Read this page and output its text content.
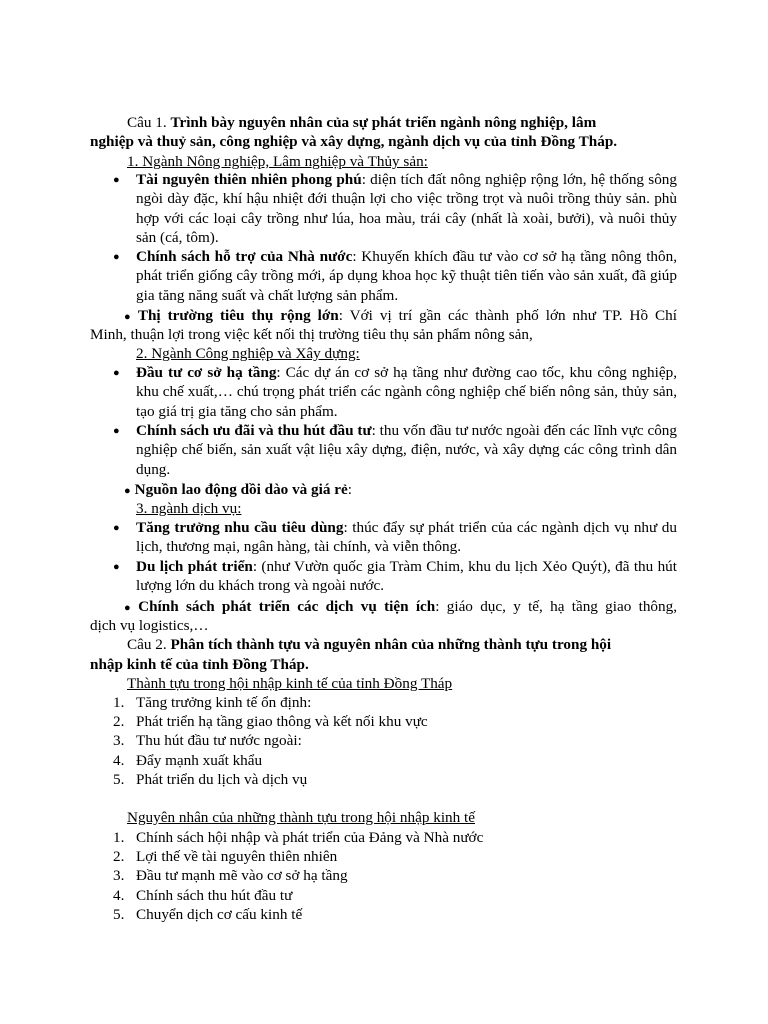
Câu 1. Trình bày nguyên nhân của sự phát triển ngành nông nghiệp, lâm
nghiệp và thuỷ sản, công nghiệp và xây dựng, ngành dịch vụ của tỉnh Đồng Tháp.
1. Ngành Nông nghiệp, Lâm nghiệp và Thủy sản:
● Tài nguyên thiên nhiên phong phú: diện tích đất nông nghiệp rộng lớn, hệ thống sông ngòi dày đặc, khí hậu nhiệt đới thuận lợi cho việc trồng trọt và nuôi trồng thủy sản. phù hợp với các loại cây trồng như lúa, hoa màu, trái cây (nhất là xoài, bưởi), và nuôi thủy sản (cá, tôm).
● Chính sách hỗ trợ của Nhà nước: Khuyến khích đầu tư vào cơ sở hạ tầng nông thôn, phát triển giống cây trồng mới, áp dụng khoa học kỹ thuật tiên tiến vào sản xuất, đã giúp gia tăng năng suất và chất lượng sản phẩm.
● Thị trường tiêu thụ rộng lớn: Với vị trí gần các thành phố lớn như TP. Hồ Chí
Minh, thuận lợi trong việc kết nối thị trường tiêu thụ sản phẩm nông sản,
2. Ngành Công nghiệp và Xây dựng:
● Đầu tư cơ sở hạ tầng: Các dự án cơ sở hạ tầng như đường cao tốc, khu công nghiệp, khu chế xuất,… chú trọng phát triển các ngành công nghiệp chế biến nông sản, thủy sản, tạo giá trị gia tăng cho sản phẩm.
● Chính sách ưu đãi và thu hút đầu tư: thu vốn đầu tư nước ngoài đến các lĩnh vực công nghiệp chế biến, sản xuất vật liệu xây dựng, điện, nước, và xây dựng các công trình dân dụng.
● Nguồn lao động dồi dào và giá rẻ:
3. ngành dịch vụ:
● Tăng trưởng nhu cầu tiêu dùng: thúc đẩy sự phát triển của các ngành dịch vụ như du lịch, thương mại, ngân hàng, tài chính, và viễn thông.
● Du lịch phát triển: (như Vườn quốc gia Tràm Chim, khu du lịch Xẻo Quýt), đã thu hút lượng lớn du khách trong và ngoài nước.
● Chính sách phát triển các dịch vụ tiện ích: giáo dục, y tế, hạ tầng giao thông,
dịch vụ logistics,…
Câu 2. Phân tích thành tựu và nguyên nhân của những thành tựu trong hội
nhập kinh tế của tỉnh Đồng Tháp.
Thành tựu trong hội nhập kinh tế của tỉnh Đồng Tháp
1. Tăng trưởng kinh tế ổn định:
2. Phát triển hạ tầng giao thông và kết nối khu vực
3. Thu hút đầu tư nước ngoài:
4. Đẩy mạnh xuất khẩu
5. Phát triển du lịch và dịch vụ
Nguyên nhân của những thành tựu trong hội nhập kinh tế
1. Chính sách hội nhập và phát triển của Đảng và Nhà nước
2. Lợi thế về tài nguyên thiên nhiên
3. Đầu tư mạnh mẽ vào cơ sở hạ tầng
4. Chính sách thu hút đầu tư
5. Chuyển dịch cơ cấu kinh tế
